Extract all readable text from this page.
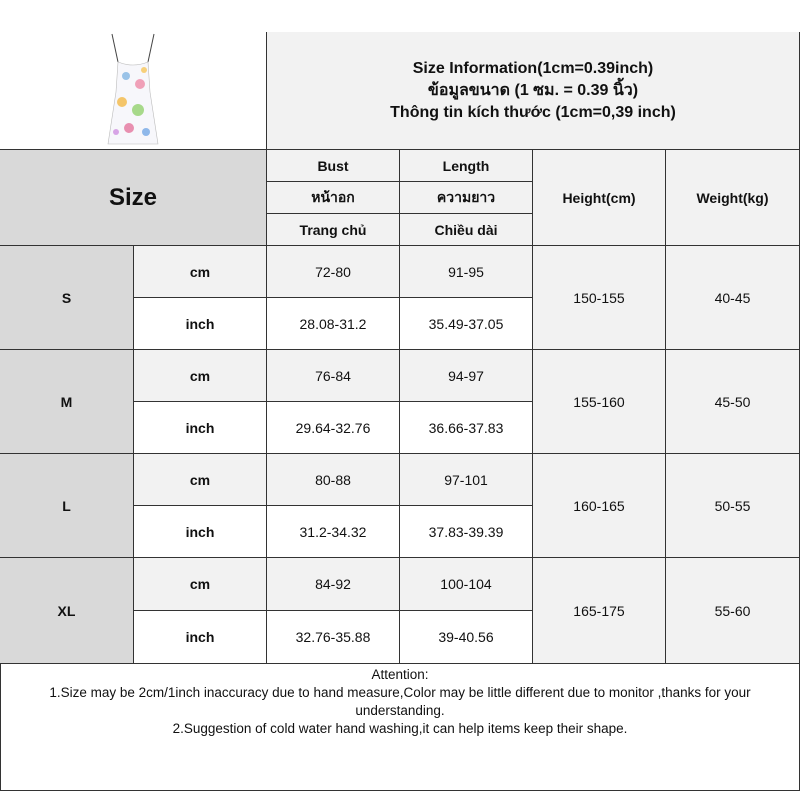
Size Information(1cm=0.39inch)
ข้อมูลขนาด (1 ซม. = 0.39 นิ้ว)
Thông tin kích thước (1cm=0,39 inch)
Size
Bust	Length
หน้าอก	ความยาว
Trang chủ	Chiều dài
Height(cm)	Weight(kg)
S
cm	72-80	91-95
inch	28.08-31.2	35.49-37.05
150-155	40-45
M
cm	76-84	94-97
inch	29.64-32.76	36.66-37.83
155-160	45-50
L
cm	80-88	97-101
inch	31.2-34.32	37.83-39.39
160-165	50-55
XL
cm	84-92	100-104
inch	32.76-35.88	39-40.56
165-175	55-60
Attention:
1.Size may be 2cm/1inch inaccuracy due to hand measure,Color may be little different due to monitor ,thanks for your understanding.
2.Suggestion of cold water hand washing,it can help items keep their shape.
